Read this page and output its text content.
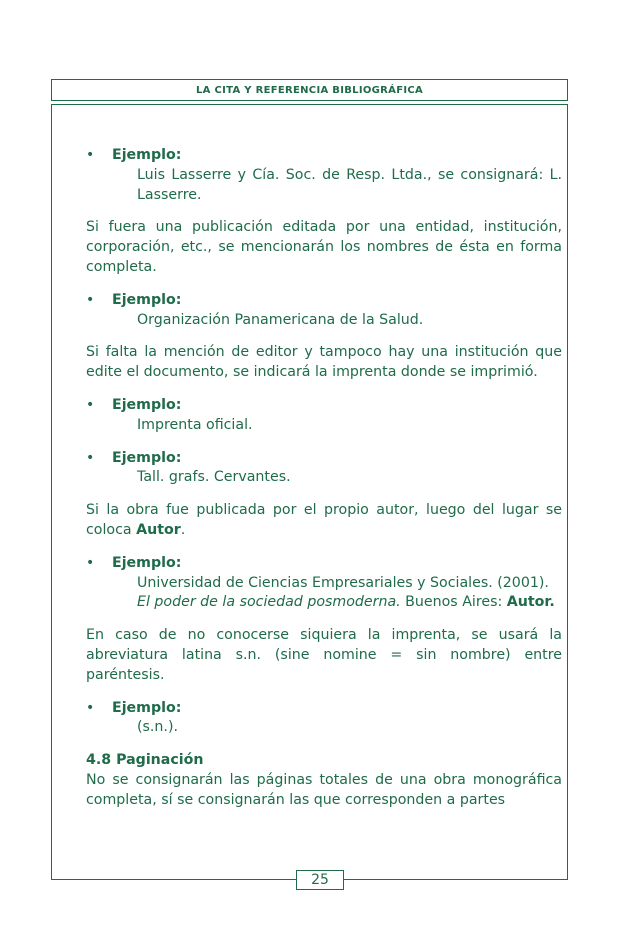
LA CITA Y REFERENCIA BIBLIOGRÁFICA
•	Ejemplo:
Luis Lasserre y Cía. Soc. de Resp. Ltda., se consignará: L. Lasserre.

Si fuera una publicación editada por una entidad, institución, corporación, etc., se mencionarán los nombres de ésta en forma completa.

•	Ejemplo:
Organización Panamericana de la Salud.

Si falta la mención de editor y tampoco hay una institución que edite el documento, se indicará la imprenta donde se imprimió.

•	Ejemplo:
Imprenta oficial.
•	Ejemplo:
Tall. grafs. Cervantes.

Si la obra fue publicada por el propio autor, luego del lugar se coloca Autor.

•	Ejemplo:
Universidad de Ciencias Empresariales y Sociales. (2001).
El poder de la sociedad posmoderna. Buenos Aires: Autor.

En caso de no conocerse siquiera la imprenta, se usará la abreviatura latina s.n. (sine nomine = sin nombre) entre paréntesis.

•	Ejemplo:
(s.n.).

4.8 Paginación

No se consignarán las páginas totales de una obra monográfica completa, sí se consignarán las que corresponden a partes

25
